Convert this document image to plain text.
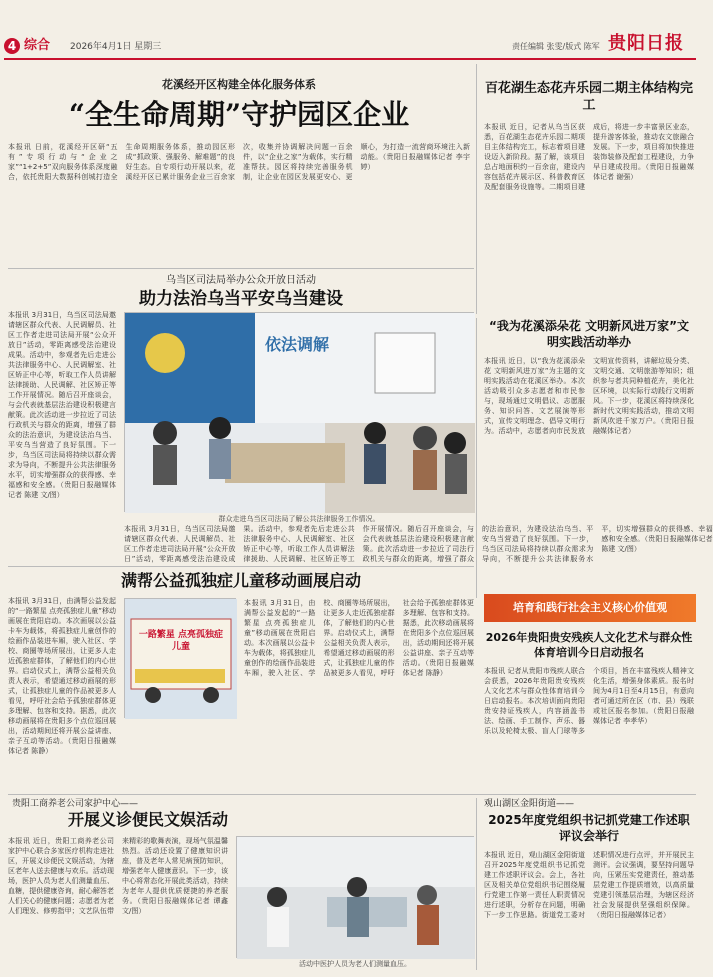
4 综合 2026年4月1日 星期三	责任编辑 张雯/版式 陈军 贵阳日报
花溪经开区构建全体化服务体系
“全生命周期”守护园区企业
本报讯 日前，花溪经开区研“五有”专项行动与“企业之家”“1+2+5”双向服务体系深度融合，依托贵阳大数据科创城打造全生命周期服务体系，推动园区形成“抓政策、强服务、解难题”的良好生态。自专项行动开展以来，花溪经开区已累计服务企业三百余家次，收集并协调解决问题一百余件，以“企业之家”为载体，实行精准帮扶。园区将持续完善服务机制，让企业在园区发展更安心、更顺心，为打造一流营商环境注入新动能。（贵阳日报融媒体记者 李宇婷）
百花湖生态花卉乐园二期主体结构完工
本报讯 近日，记者从乌当区获悉，百花湖生态花卉乐园二期项目主体结构完工，标志着项目建设迈入新阶段。据了解，该项目总占地面积约一百余亩，建设内容包括花卉展示区、科普教育区及配套服务设施等。二期项目建成后，将进一步丰富景区业态，提升游客体验，推动农文旅融合发展。下一步，项目将加快推进装饰装修及配套工程建设，力争早日建成投用。（贵阳日报融媒体记者 谢强）
乌当区司法局举办公众开放日活动
助力法治乌当平安乌当建设
本报讯 3月31日，乌当区司法局邀请辖区群众代表、人民调解员、社区工作者走进司法局开展“公众开放日”活动，零距离感受法治建设成果。活动中，参观者先后走进公共法律服务中心、人民调解室、社区矫正中心等，听取工作人员讲解法律援助、人民调解、社区矫正等工作开展情况。随后召开座谈会，与会代表就基层法治建设积极建言献策。此次活动进一步拉近了司法行政机关与群众的距离，增强了群众的法治意识，为建设法治乌当、平安乌当营造了良好氛围。下一步，乌当区司法局将持续以群众需求为导向，不断提升公共法律服务水平，切实增强群众的获得感、幸福感和安全感。（贵阳日报融媒体记者 陈建 文/图）
依法调解
群众走进乌当区司法局了解公共法律服务工作情况。
本报讯 3月31日，乌当区司法局邀请辖区群众代表、人民调解员、社区工作者走进司法局开展“公众开放日”活动，零距离感受法治建设成果。活动中，参观者先后走进公共法律服务中心、人民调解室、社区矫正中心等，听取工作人员讲解法律援助、人民调解、社区矫正等工作开展情况。随后召开座谈会，与会代表就基层法治建设积极建言献策。此次活动进一步拉近了司法行政机关与群众的距离，增强了群众的法治意识，为建设法治乌当、平安乌当营造了良好氛围。下一步，乌当区司法局将持续以群众需求为导向，不断提升公共法律服务水平，切实增强群众的获得感、幸福感和安全感。（贵阳日报融媒体记者 陈建 文/图）
“我为花溪添朵花 文明新风进万家”文明实践活动举办
本报讯 近日，以“我为花溪添朵花 文明新风进万家”为主题的文明实践活动在花溪区举办。本次活动吸引众多志愿者和市民参与，现场通过文明倡议、志愿服务、知识问答、文艺展演等形式，宣传文明理念、倡导文明行为。活动中，志愿者向市民发放文明宣传资料，讲解垃圾分类、文明交通、文明旅游等知识；组织参与者共同种植花卉，美化社区环境，以实际行动践行文明新风。下一步，花溪区将持续深化新时代文明实践活动，推动文明新风吹进千家万户。（贵阳日报融媒体记者）
满帮公益孤独症儿童移动画展启动
本报讯 3月31日，由满帮公益发起的“一路繁星 点亮孤独症儿童”移动画展在贵阳启动。本次画展以公益卡车为载体，将孤独症儿童创作的绘画作品装进车厢，驶入社区、学校、商圈等场所展出，让更多人走近孤独症群体，了解他们的内心世界。启动仪式上，满帮公益相关负责人表示，希望通过移动画展的形式，让孤独症儿童的作品被更多人看见，呼吁社会给予孤独症群体更多理解、包容和支持。据悉，此次移动画展将在贵阳多个点位巡回展出，活动期间还将开展公益讲座、亲子互动等活动。（贵阳日报融媒体记者 陈静）
一路繁星 点亮孤独症儿童
本报讯 3月31日，由满帮公益发起的“一路繁星 点亮孤独症儿童”移动画展在贵阳启动。本次画展以公益卡车为载体，将孤独症儿童创作的绘画作品装进车厢，驶入社区、学校、商圈等场所展出，让更多人走近孤独症群体，了解他们的内心世界。启动仪式上，满帮公益相关负责人表示，希望通过移动画展的形式，让孤独症儿童的作品被更多人看见，呼吁社会给予孤独症群体更多理解、包容和支持。据悉，此次移动画展将在贵阳多个点位巡回展出，活动期间还将开展公益讲座、亲子互动等活动。（贵阳日报融媒体记者 陈静）
培育和践行社会主义核心价值观
2026年贵阳贵安残疾人文化艺术与群众性体育培训今日启动报名
本报讯 记者从贵阳市残疾人联合会获悉，2026年贵阳贵安残疾人文化艺术与群众性体育培训今日启动报名。本次培训面向贵阳贵安持证残疾人，内容涵盖书法、绘画、手工制作、声乐、器乐以及轮椅太极、盲人门球等多个项目，旨在丰富残疾人精神文化生活，增强身体素质。报名时间为4月1日至4月15日，有意向者可通过所在区（市、县）残联或社区报名参加。（贵阳日报融媒体记者 李孝华）
贵阳工商养老公司家护中心——
开展义诊便民文娱活动
本报讯 近日，贵阳工商养老公司家护中心联合多家医疗机构走进社区，开展义诊便民文娱活动，为辖区老年人送去健康与欢乐。活动现场，医护人员为老人们测量血压、血糖，提供健康咨询，耐心解答老人们关心的健康问题；志愿者为老人们理发、修剪指甲；文艺队伍带来精彩的歌舞表演，现场气氛温馨热烈。活动还设置了健康知识讲座，普及老年人常见病预防知识，增强老年人健康意识。下一步，该中心将常态化开展此类活动，持续为老年人提供优质便捷的养老服务。（贵阳日报融媒体记者 谭鑫 文/图）
活动中医护人员为老人们测量血压。
观山湖区金阳街道——
2025年度党组织书记抓党建工作述职评议会举行
本报讯 近日，观山湖区金阳街道召开2025年度党组织书记抓党建工作述职评议会。会上，各社区及相关单位党组织书记围绕履行党建工作第一责任人职责情况进行述职，分析存在问题，明确下一步工作思路。街道党工委对述职情况进行点评，并开展民主测评。会议强调，要坚持问题导向，压紧压实党建责任，推动基层党建工作提质增效，以高质量党建引领基层治理，为辖区经济社会发展提供坚强组织保障。（贵阳日报融媒体记者）
